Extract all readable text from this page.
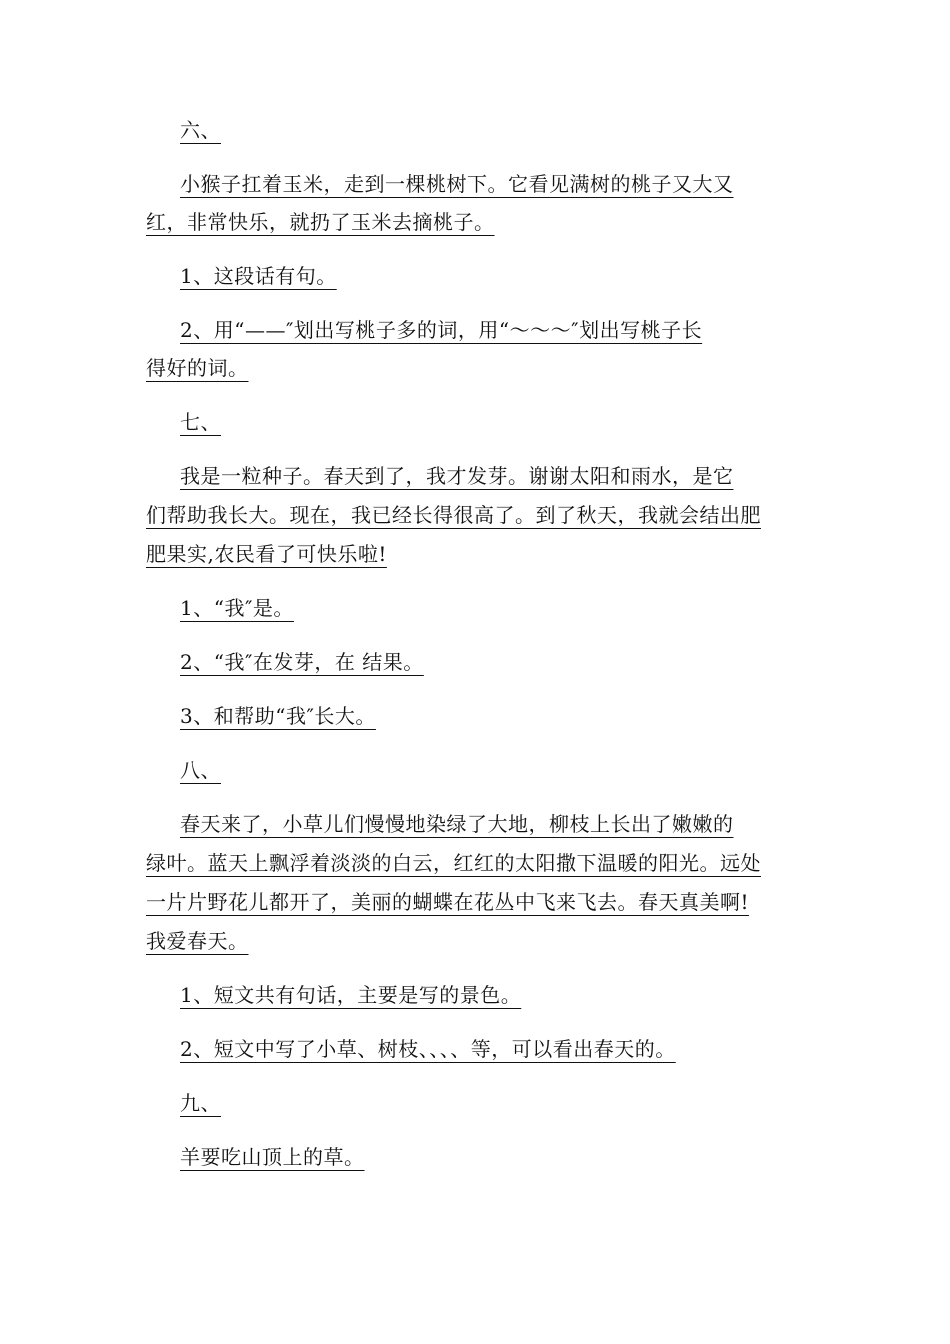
六、
小猴子扛着玉米，走到一棵桃树下。它看见满树的桃子又大又
红，非常快乐，就扔了玉米去摘桃子。
1、这段话有句。
2、用“——″划出写桃子多的词，用“～～～″划出写桃子长
得好的词。
七、
我是一粒种子。春天到了，我才发芽。谢谢太阳和雨水，是它
们帮助我长大。现在，我已经长得很高了。到了秋天，我就会结出肥
肥果实,农民看了可快乐啦!
1、“我″是。
2、“我″在发芽，在 结果。
3、和帮助“我″长大。
八、
春天来了，小草儿们慢慢地染绿了大地，柳枝上长出了嫩嫩的
绿叶。蓝天上飘浮着淡淡的白云，红红的太阳撒下温暖的阳光。远处
一片片野花儿都开了，美丽的蝴蝶在花丛中飞来飞去。春天真美啊!
我爱春天。
1、短文共有句话，主要是写的景色。
2、短文中写了小草、树枝、、、、等，可以看出春天的。
九、
羊要吃山顶上的草。
